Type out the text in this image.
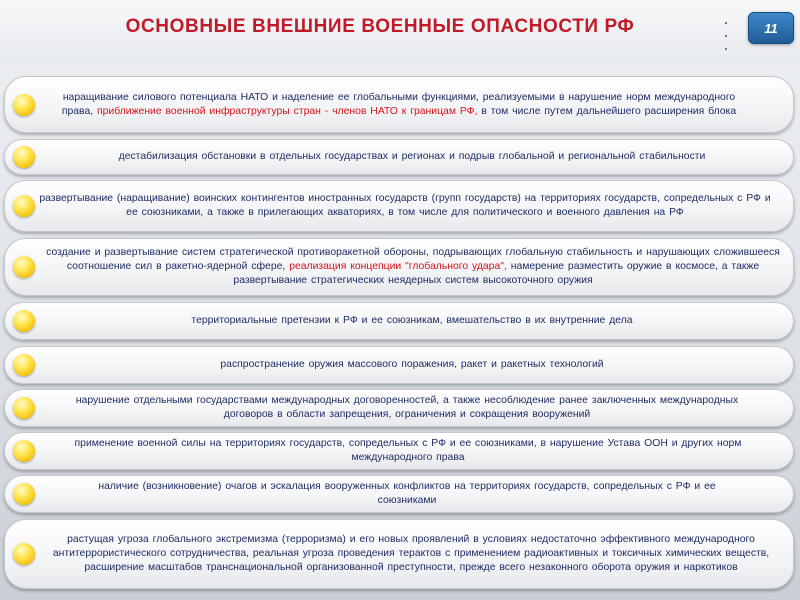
ОСНОВНЫЕ ВНЕШНИЕ ВОЕННЫЕ ОПАСНОСТИ РФ	11

наращивание силового потенциала НАТО и наделение ее глобальными функциями, реализуемыми в нарушение норм международного права, приближение военной инфраструктуры стран - членов НАТО к границам РФ, в том числе путем дальнейшего расширения блока

дестабилизация обстановки в отдельных государствах и регионах и подрыв глобальной и региональной стабильности

развертывание (наращивание) воинских контингентов иностранных государств (групп государств) на территориях государств, сопредельных с РФ и ее союзниками, а также в прилегающих акваториях, в том числе для политического и военного давления на РФ

создание и развертывание систем стратегической противоракетной обороны, подрывающих глобальную стабильность и нарушающих сложившееся соотношение сил в ракетно-ядерной сфере, реализация концепции "глобального удара", намерение разместить оружие в космосе, а также развертывание стратегических неядерных систем высокоточного оружия

территориальные претензии к РФ и ее союзникам, вмешательство в их внутренние дела

распространение оружия массового поражения, ракет и ракетных технологий

нарушение отдельными государствами международных договоренностей, а также несоблюдение ранее заключенных международных договоров в области запрещения, ограничения и сокращения вооружений

применение военной силы на территориях государств, сопредельных с РФ и ее союзниками, в нарушение Устава ООН и других норм международного права

наличие (возникновение) очагов и эскалация вооруженных конфликтов на территориях государств, сопредельных с РФ и ее союзниками

растущая угроза глобального экстремизма (терроризма) и его новых проявлений в условиях недостаточно эффективного международного антитеррористического сотрудничества, реальная угроза проведения терактов с применением радиоактивных и токсичных химических веществ, расширение масштабов транснациональной организованной преступности, прежде всего незаконного оборота оружия и наркотиков
